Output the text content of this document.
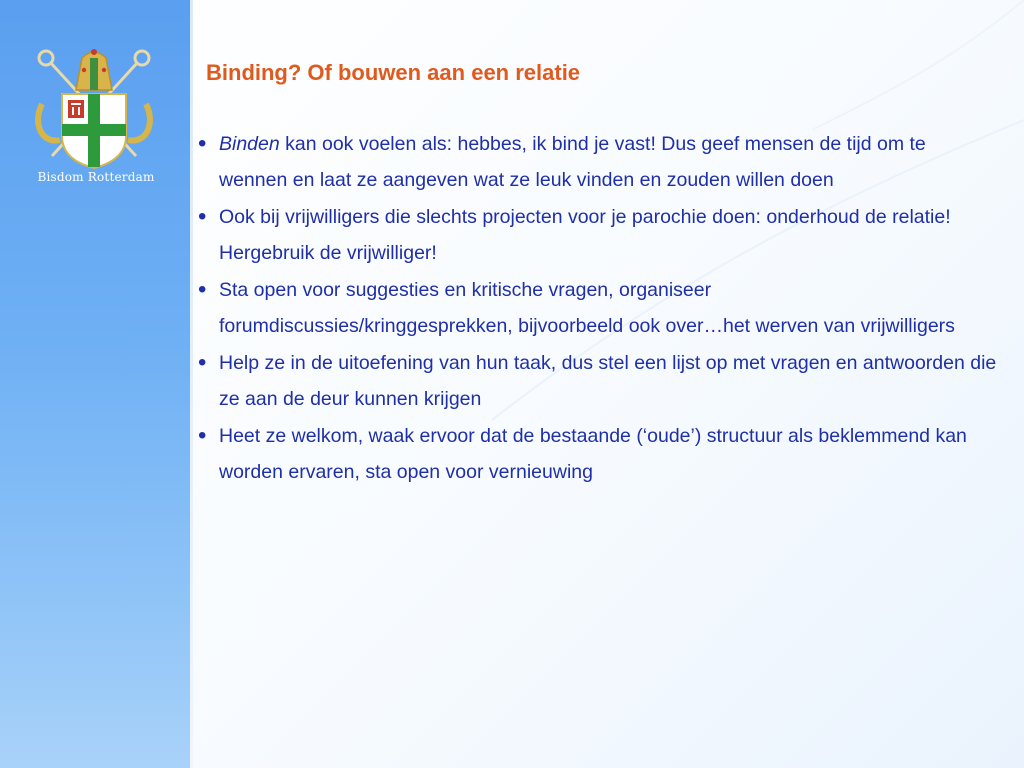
Bisdom Rotterdam
Binding? Of bouwen aan een relatie
• Binden kan ook voelen als: hebbes, ik bind je vast! Dus geef mensen de tijd om te wennen en laat ze aangeven wat ze leuk vinden en zouden willen doen
• Ook bij vrijwilligers die slechts projecten voor je parochie doen: onderhoud de relatie! Hergebruik de vrijwilliger!
• Sta open voor suggesties en kritische vragen, organiseer forumdiscussies/kringgesprekken, bijvoorbeeld ook over…het werven van vrijwilligers
• Help ze in de uitoefening van hun taak, dus stel een lijst op met vragen en antwoorden die ze aan de deur kunnen krijgen
• Heet ze welkom, waak ervoor dat de bestaande (‘oude’) structuur als beklemmend kan worden ervaren, sta open voor vernieuwing
